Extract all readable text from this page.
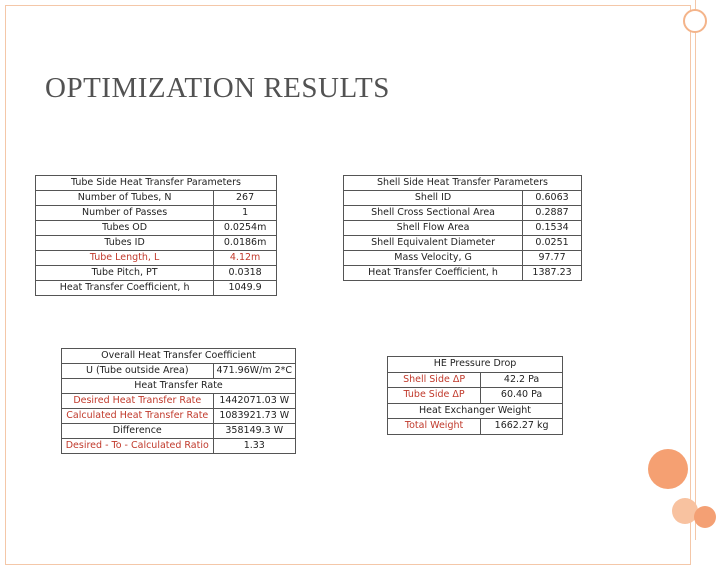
OPTIMIZATION RESULTS
Tube Side Heat Transfer Parameters	
Number of Tubes, N	267
Number of Passes	1
Tubes OD	0.0254m
Tubes ID	0.0186m
Tube Length, L	4.12m
Tube Pitch, PT	0.0318
Heat Transfer Coefficient, h	1049.9
Shell Side Heat Transfer Parameters	
Shell ID	0.6063
Shell Cross Sectional Area	0.2887
Shell Flow Area	0.1534
Shell Equivalent Diameter	0.0251
Mass Velocity, G	97.77
Heat Transfer Coefficient, h	1387.23
Overall Heat Transfer Coefficient	
U (Tube outside Area)	471.96W/m 2*C
Heat Transfer Rate	
Desired Heat Transfer Rate	1442071.03 W
Calculated Heat Transfer Rate	1083921.73 W
Difference	358149.3 W
Desired - To - Calculated Ratio	1.33
HE Pressure Drop	
Shell Side ΔP	42.2 Pa
Tube Side ΔP	60.40 Pa
Heat Exchanger Weight	
Total Weight	1662.27 kg
